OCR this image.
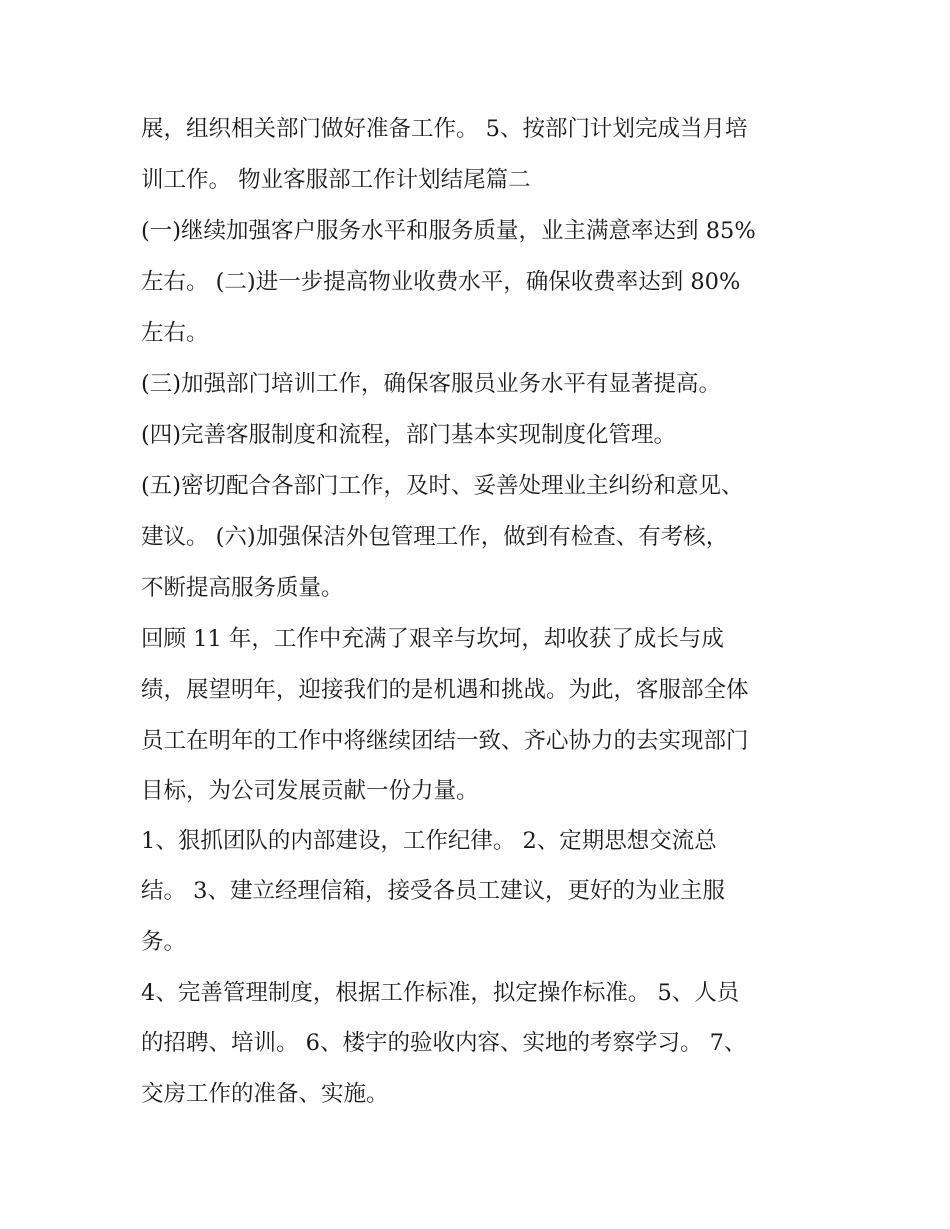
展，组织相关部门做好准备工作。 5、按部门计划完成当月培
训工作。 物业客服部工作计划结尾篇二
(一)继续加强客户服务水平和服务质量，业主满意率达到 85%
左右。 (二)进一步提高物业收费水平，确保收费率达到 80%
左右。
(三)加强部门培训工作，确保客服员业务水平有显著提高。
(四)完善客服制度和流程，部门基本实现制度化管理。
(五)密切配合各部门工作，及时、妥善处理业主纠纷和意见、
建议。 (六)加强保洁外包管理工作，做到有检查、有考核，
不断提高服务质量。
回顾 11 年，工作中充满了艰辛与坎坷，却收获了成长与成
绩，展望明年，迎接我们的是机遇和挑战。为此，客服部全体
员工在明年的工作中将继续团结一致、齐心协力的去实现部门
目标，为公司发展贡献一份力量。
1、狠抓团队的内部建设，工作纪律。 2、定期思想交流总
结。 3、建立经理信箱，接受各员工建议，更好的为业主服
务。
4、完善管理制度，根据工作标准，拟定操作标准。 5、人员
的招聘、培训。 6、楼宇的验收内容、实地的考察学习。 7、
交房工作的准备、实施。
